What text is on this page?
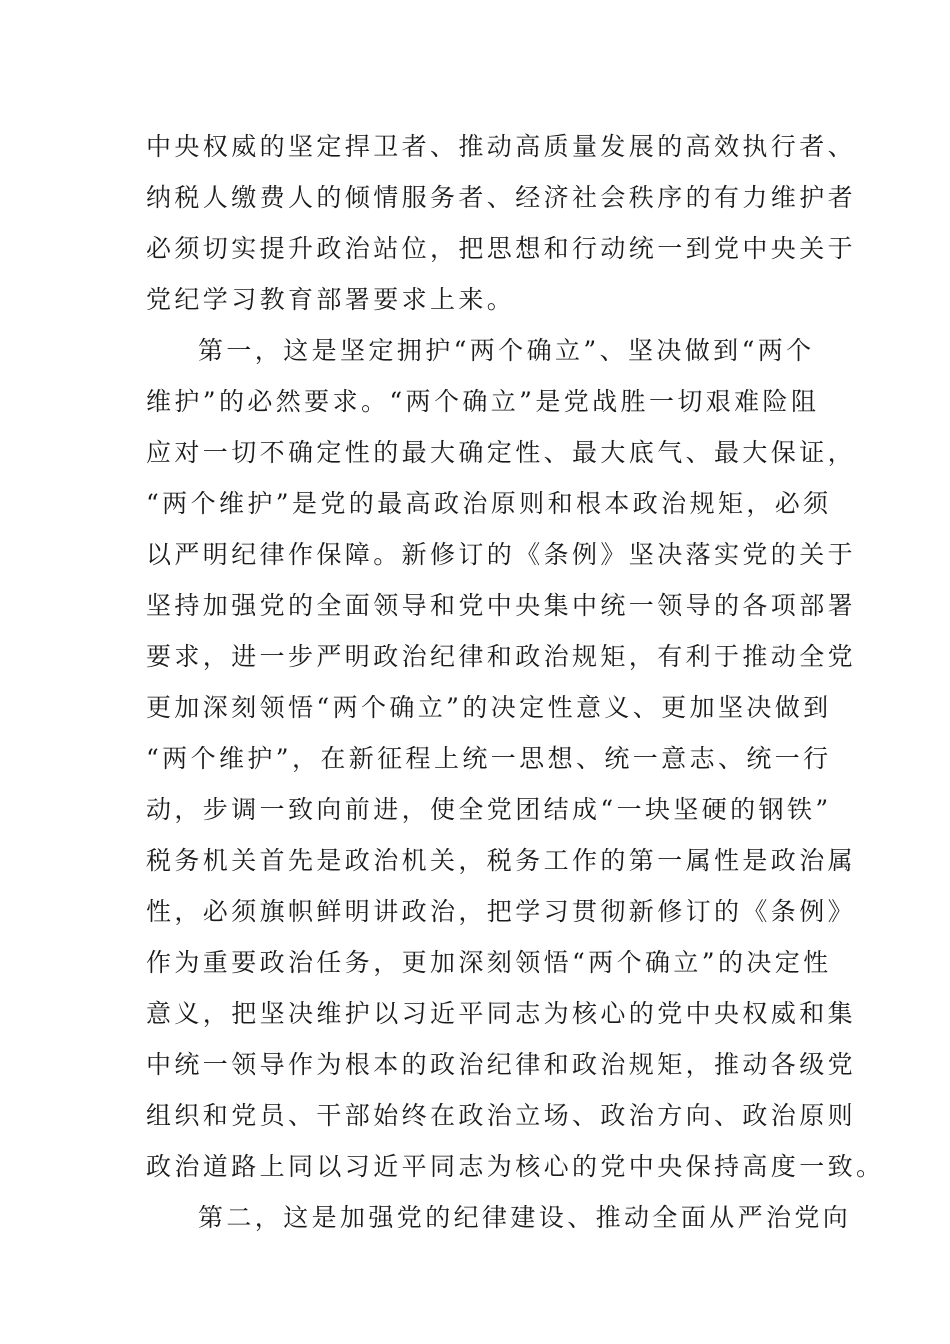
中央权威的坚定捍卫者、推动高质量发展的高效执行者、
纳税人缴费人的倾情服务者、经济社会秩序的有力维护者
必须切实提升政治站位，把思想和行动统一到党中央关于
党纪学习教育部署要求上来。
第一，这是坚定拥护“两个确立”、坚决做到“两个
维护”的必然要求。“两个确立”是党战胜一切艰难险阻
应对一切不确定性的最大确定性、最大底气、最大保证，
“两个维护”是党的最高政治原则和根本政治规矩，必须
以严明纪律作保障。新修订的《条例》坚决落实党的关于
坚持加强党的全面领导和党中央集中统一领导的各项部署
要求，进一步严明政治纪律和政治规矩，有利于推动全党
更加深刻领悟“两个确立”的决定性意义、更加坚决做到
“两个维护”，在新征程上统一思想、统一意志、统一行
动，步调一致向前进，使全党团结成“一块坚硬的钢铁”
税务机关首先是政治机关，税务工作的第一属性是政治属
性，必须旗帜鲜明讲政治，把学习贯彻新修订的《条例》
作为重要政治任务，更加深刻领悟“两个确立”的决定性
意义，把坚决维护以习近平同志为核心的党中央权威和集
中统一领导作为根本的政治纪律和政治规矩，推动各级党
组织和党员、干部始终在政治立场、政治方向、政治原则
政治道路上同以习近平同志为核心的党中央保持高度一致。
第二，这是加强党的纪律建设、推动全面从严治党向
